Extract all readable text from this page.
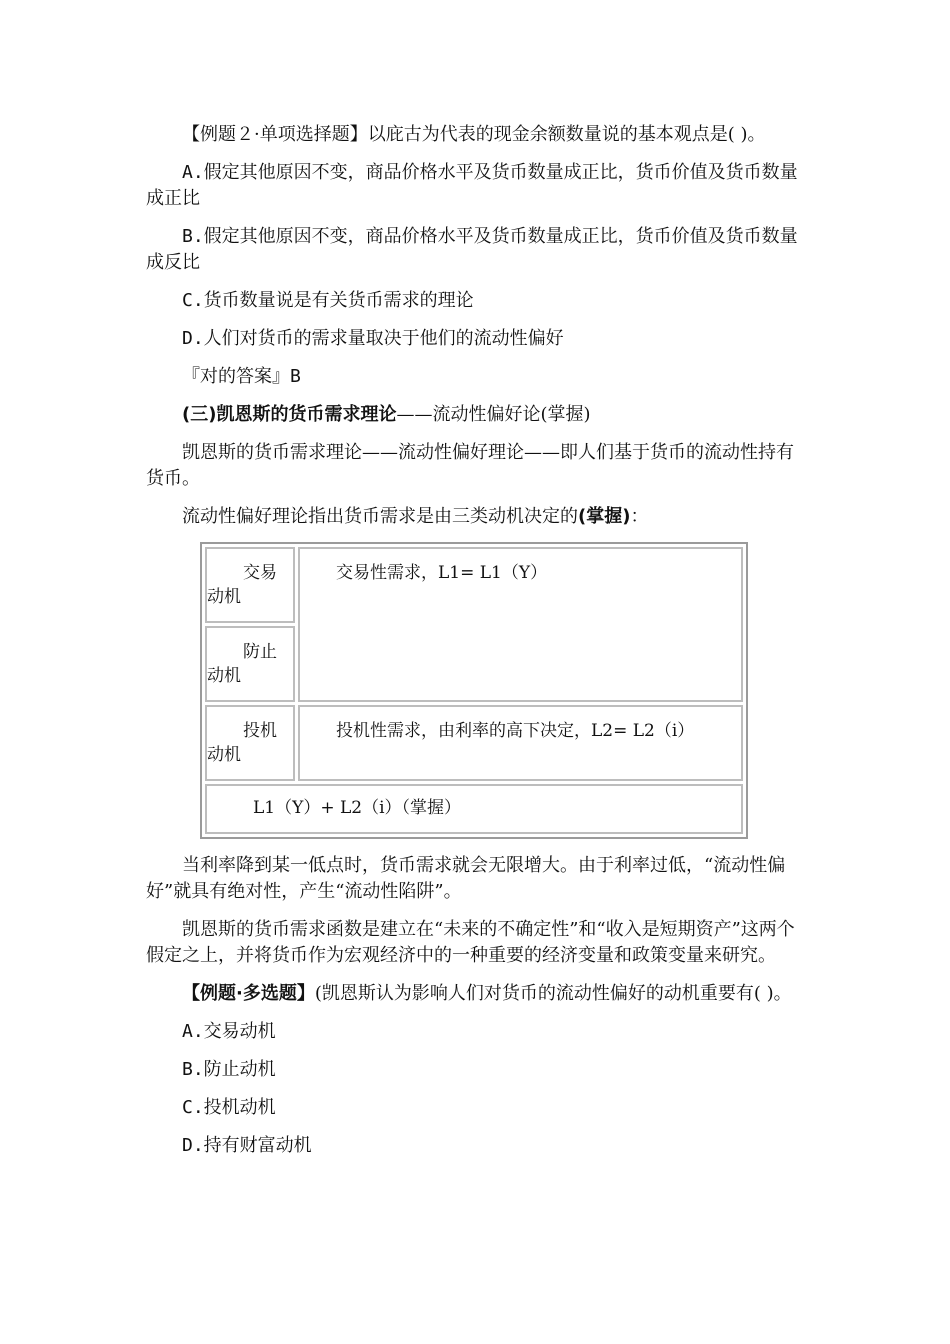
【例题２·单项选择题】以庇古为代表的现金余额数量说的基本观点是( )。

A.假定其他原因不变，商品价格水平及货币数量成正比，货币价值及货币数量成正比

B.假定其他原因不变，商品价格水平及货币数量成正比，货币价值及货币数量成反比

C.货币数量说是有关货币需求的理论

D.人们对货币的需求量取决于他们的流动性偏好

『对的答案』B

(三)凯恩斯的货币需求理论——流动性偏好论(掌握)

凯恩斯的货币需求理论——流动性偏好理论——即人们基于货币的流动性持有货币。

流动性偏好理论指出货币需求是由三类动机决定的(掌握)：

交易动机	交易性需求，L1= L1（Y）

防止动机	

投机动机	投机性需求，由利率的高下决定，L2= L2（i）

L1（Y）+ L2（i）（掌握）	

当利率降到某一低点时，货币需求就会无限增大。由于利率过低，“流动性偏好”就具有绝对性，产生“流动性陷阱”。

凯恩斯的货币需求函数是建立在“未来的不确定性”和“收入是短期资产”这两个假定之上，并将货币作为宏观经济中的一种重要的经济变量和政策变量来研究。

【例题·多选题】(凯恩斯认为影响人们对货币的流动性偏好的动机重要有( )。

A.交易动机

B.防止动机

C.投机动机

D.持有财富动机
